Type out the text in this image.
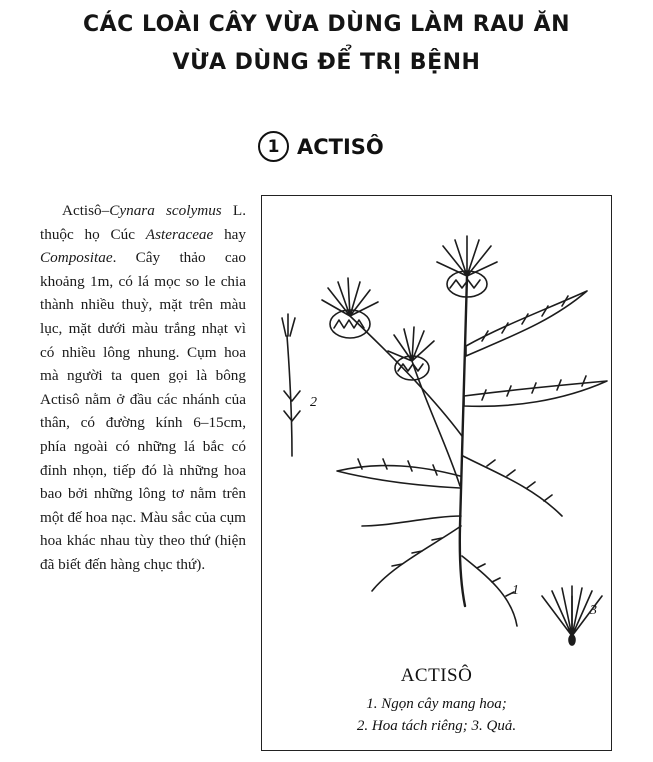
CÁC LOÀI CÂY VỪA DÙNG LÀM RAU ĂN
VỪA DÙNG ĐỂ TRỊ BỆNH
1 ACTISÔ
Actisô–Cynara scolymus L. thuộc họ Cúc Asteraceae hay Compositae. Cây thảo cao khoảng 1m, có lá mọc so le chia thành nhiều thuỳ, mặt trên màu lục, mặt dưới màu trắng nhạt vì có nhiều lông nhung. Cụm hoa mà người ta quen gọi là bông Actisô nằm ở đầu các nhánh của thân, có đường kính 6–15cm, phía ngoài có những lá bắc có đỉnh nhọn, tiếp đó là những hoa bao bởi những lông tơ nằm trên một đế hoa nạc. Màu sắc của cụm hoa khác nhau tùy theo thứ (hiện đã biết đến hàng chục thứ).
2
1
3
ACTISÔ
1. Ngọn cây mang hoa;
2. Hoa tách riêng; 3. Quả.
